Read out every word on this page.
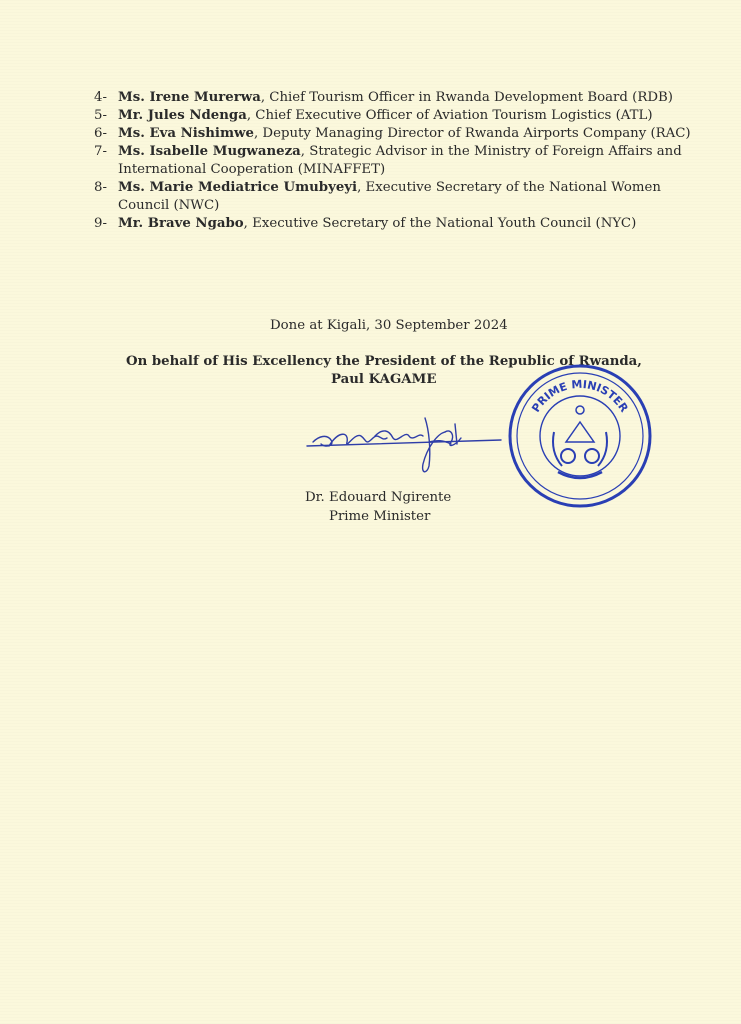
4- Ms. Irene Murerwa, Chief Tourism Officer in Rwanda Development Board (RDB)
5- Mr. Jules Ndenga, Chief Executive Officer of Aviation Tourism Logistics (ATL)
6- Ms. Eva Nishimwe, Deputy Managing Director of Rwanda Airports Company (RAC)
7- Ms. Isabelle Mugwaneza, Strategic Advisor in the Ministry of Foreign Affairs and International Cooperation (MINAFFET)
8- Ms. Marie Mediatrice Umubyeyi, Executive Secretary of the National Women Council (NWC)
9- Mr. Brave Ngabo, Executive Secretary of the National Youth Council (NYC)
Done at Kigali, 30 September 2024
On behalf of His Excellency the President of the Republic of Rwanda,
Paul KAGAME
PRIME MINISTER
Dr. Edouard Ngirente
Prime Minister
